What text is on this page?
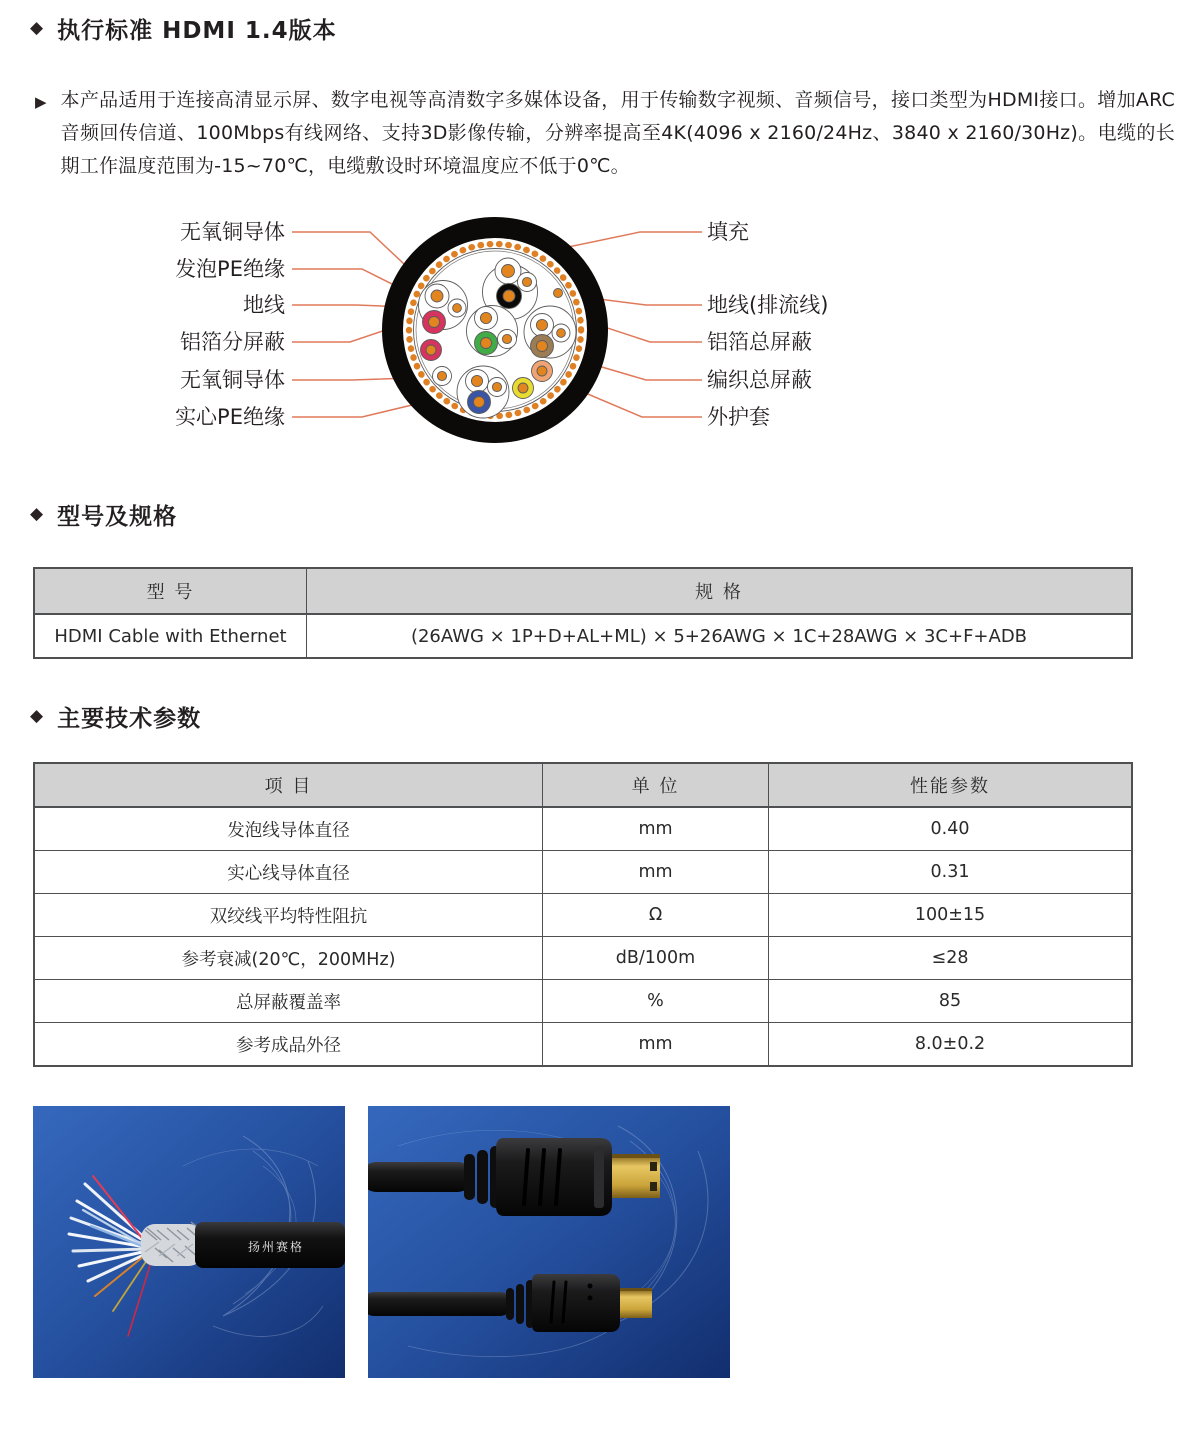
◆ 执行标准 HDMI 1.4版本
▶ 本产品适用于连接高清显示屏、数字电视等高清数字多媒体设备，用于传输数字视频、音频信号，接口类型为HDMI接口。增加ARC音频回传信道、100Mbps有线网络、支持3D影像传输，分辨率提高至4K(4096 x 2160/24Hz、3840 x 2160/30Hz)。电缆的长期工作温度范围为-15~70℃，电缆敷设时环境温度应不低于0℃。

无氧铜导体
发泡PE绝缘
地线
铝箔分屏蔽
无氧铜导体
实心PE绝缘
填充
地线(排流线)
铝箔总屏蔽
编织总屏蔽
外护套
◆ 型号及规格
型 号	规 格
HDMI Cable with Ethernet	(26AWG × 1P+D+AL+ML) × 5+26AWG × 1C+28AWG × 3C+F+ADB
◆ 主要技术参数
项 目	单 位	性能参数
发泡线导体直径	mm	0.40
实心线导体直径	mm	0.31
双绞线平均特性阻抗	Ω	100±15
参考衰减(20℃，200MHz)	dB/100m	≤28
总屏蔽覆盖率	%	85
参考成品外径	mm	8.0±0.2
扬州赛格
